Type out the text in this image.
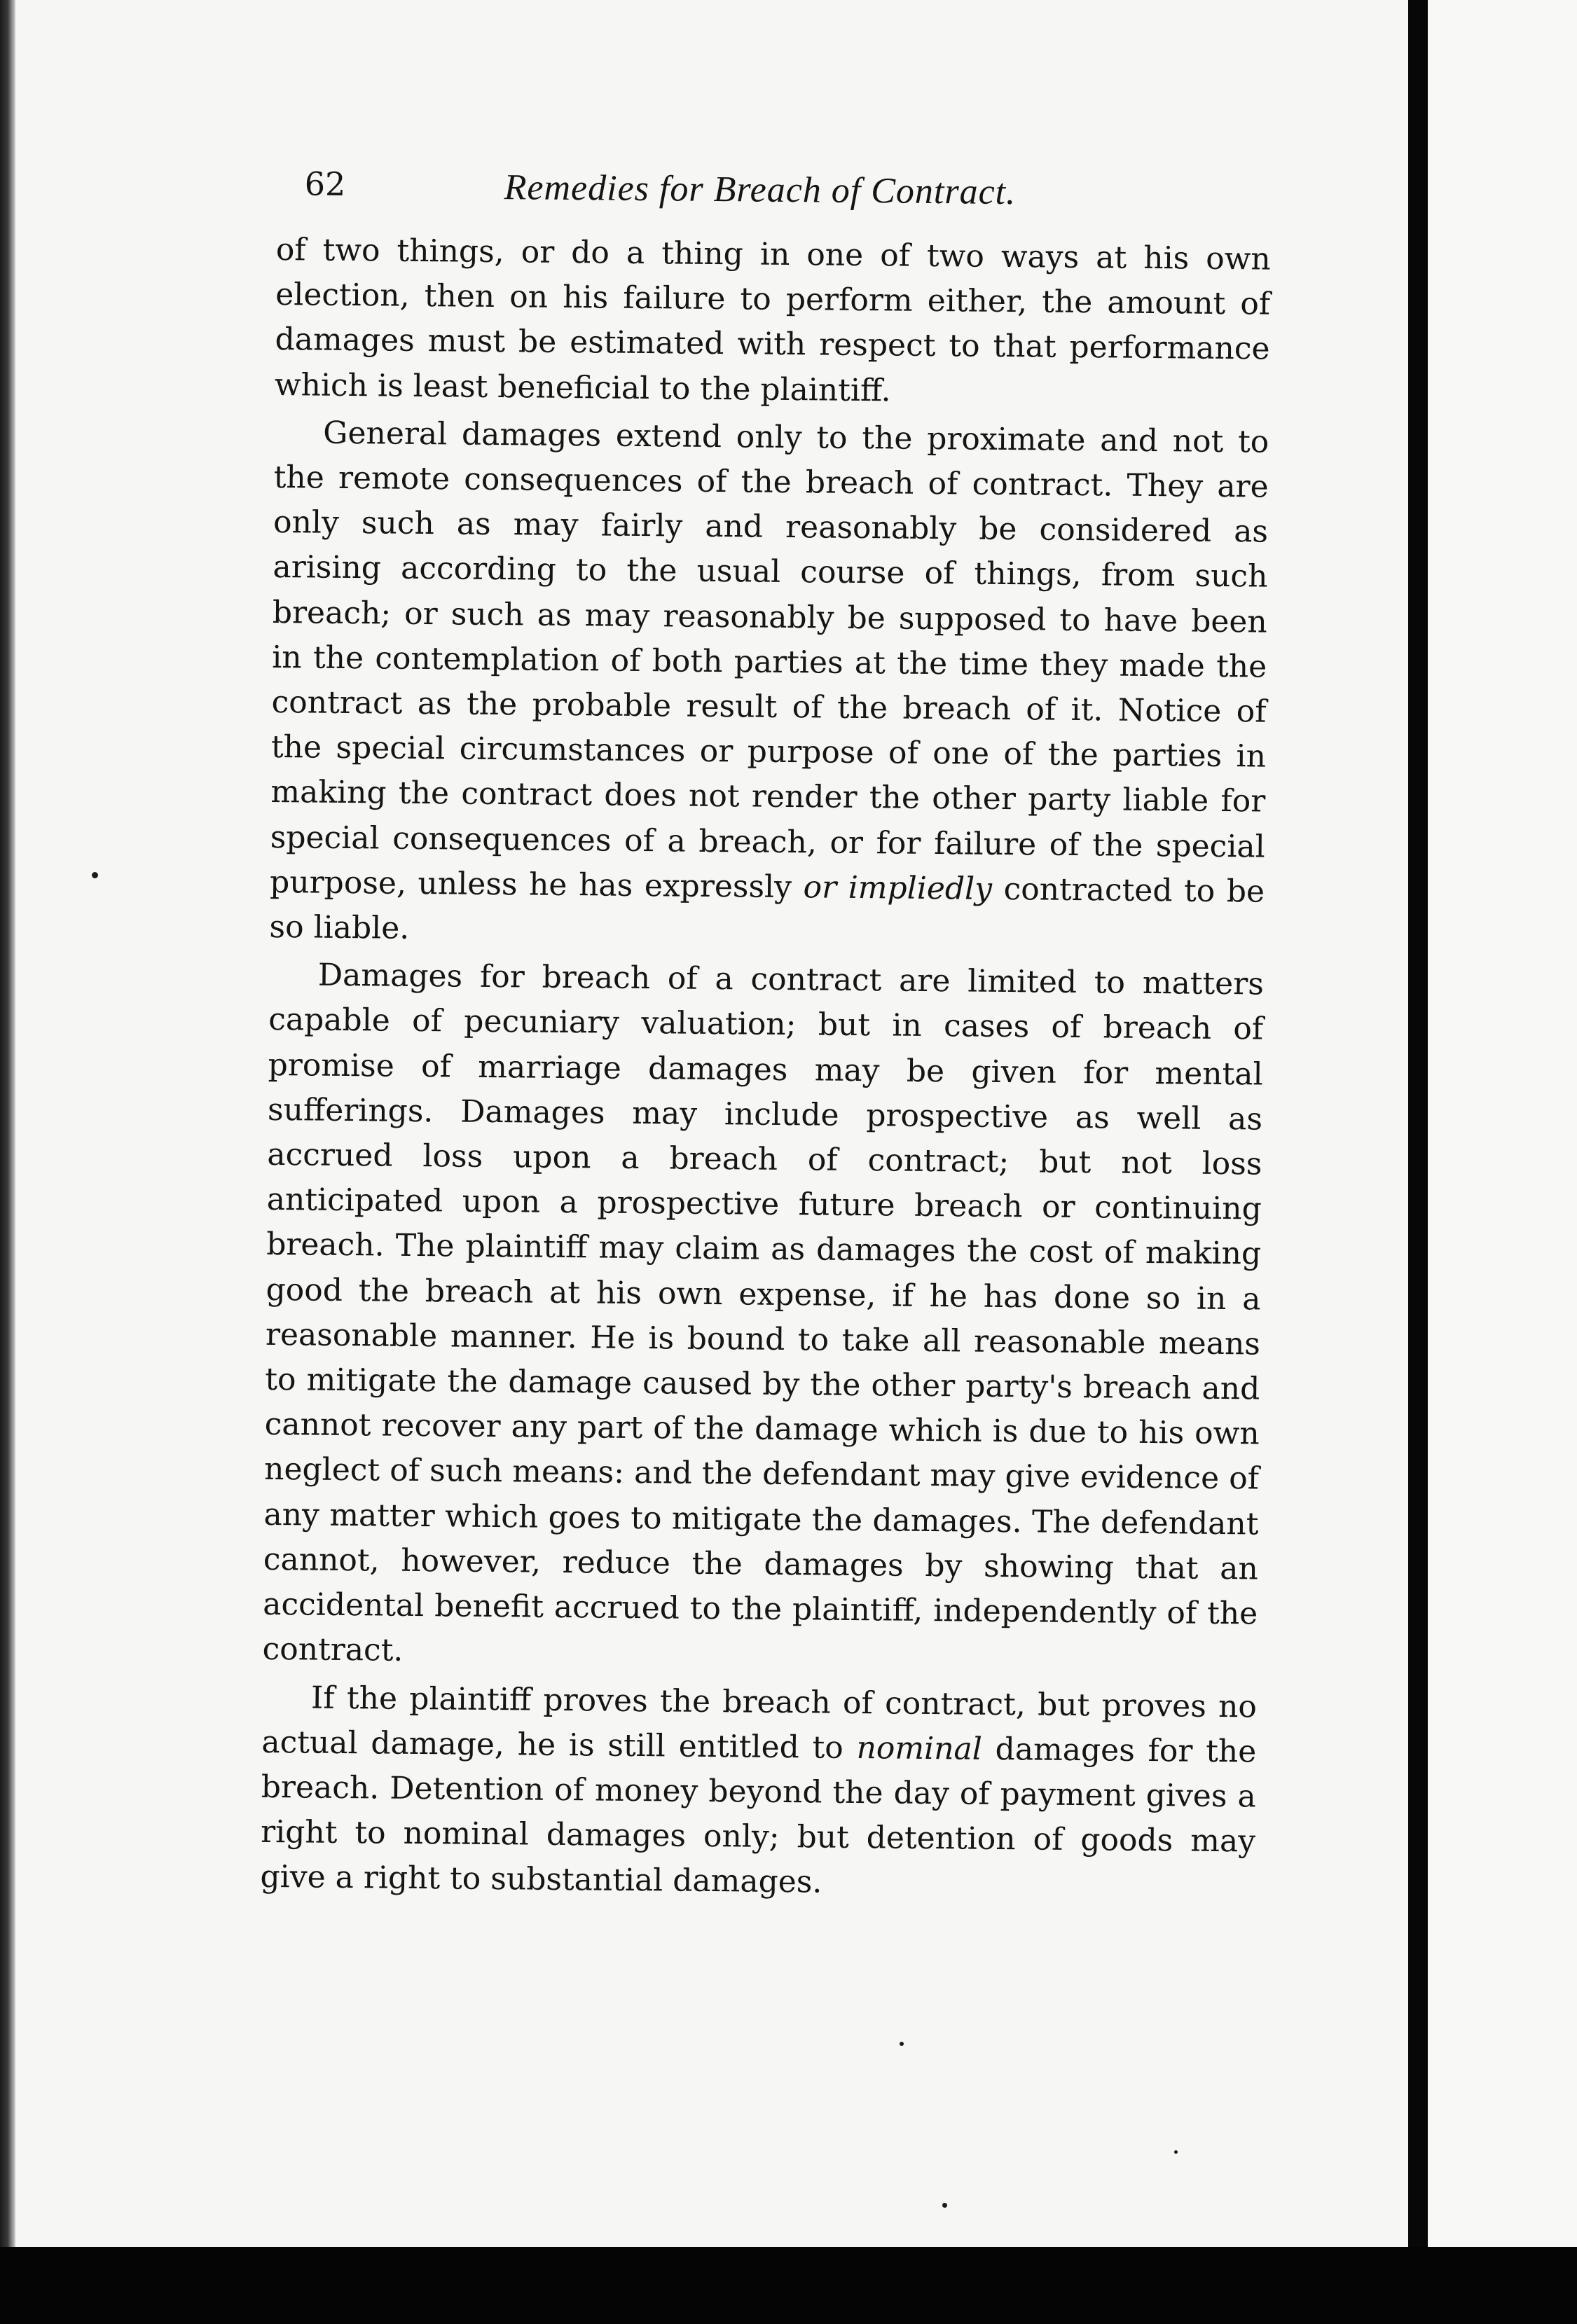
62	Remedies for Breach of Contract.

of two things, or do a thing in one of two ways at his own election, then on his failure to perform either, the amount of damages must be estimated with respect to that performance which is least beneficial to the plaintiff.

General damages extend only to the proximate and not to the remote consequences of the breach of contract. They are only such as may fairly and reasonably be considered as arising according to the usual course of things, from such breach; or such as may reasonably be supposed to have been in the contemplation of both parties at the time they made the contract as the probable result of the breach of it. Notice of the special circumstances or purpose of one of the parties in making the contract does not render the other party liable for special consequences of a breach, or for failure of the special purpose, unless he has expressly or impliedly contracted to be so liable.

Damages for breach of a contract are limited to matters capable of pecuniary valuation; but in cases of breach of promise of marriage damages may be given for mental sufferings. Damages may include prospective as well as accrued loss upon a breach of contract; but not loss anticipated upon a prospective future breach or continuing breach. The plaintiff may claim as damages the cost of making good the breach at his own expense, if he has done so in a reasonable manner. He is bound to take all reasonable means to mitigate the damage caused by the other party's breach and cannot recover any part of the damage which is due to his own neglect of such means: and the defendant may give evidence of any matter which goes to mitigate the damages. The defendant cannot, however, reduce the damages by showing that an accidental benefit accrued to the plaintiff, independently of the contract.

If the plaintiff proves the breach of contract, but proves no actual damage, he is still entitled to nominal damages for the breach. Detention of money beyond the day of payment gives a right to nominal damages only; but detention of goods may give a right to substantial damages.
